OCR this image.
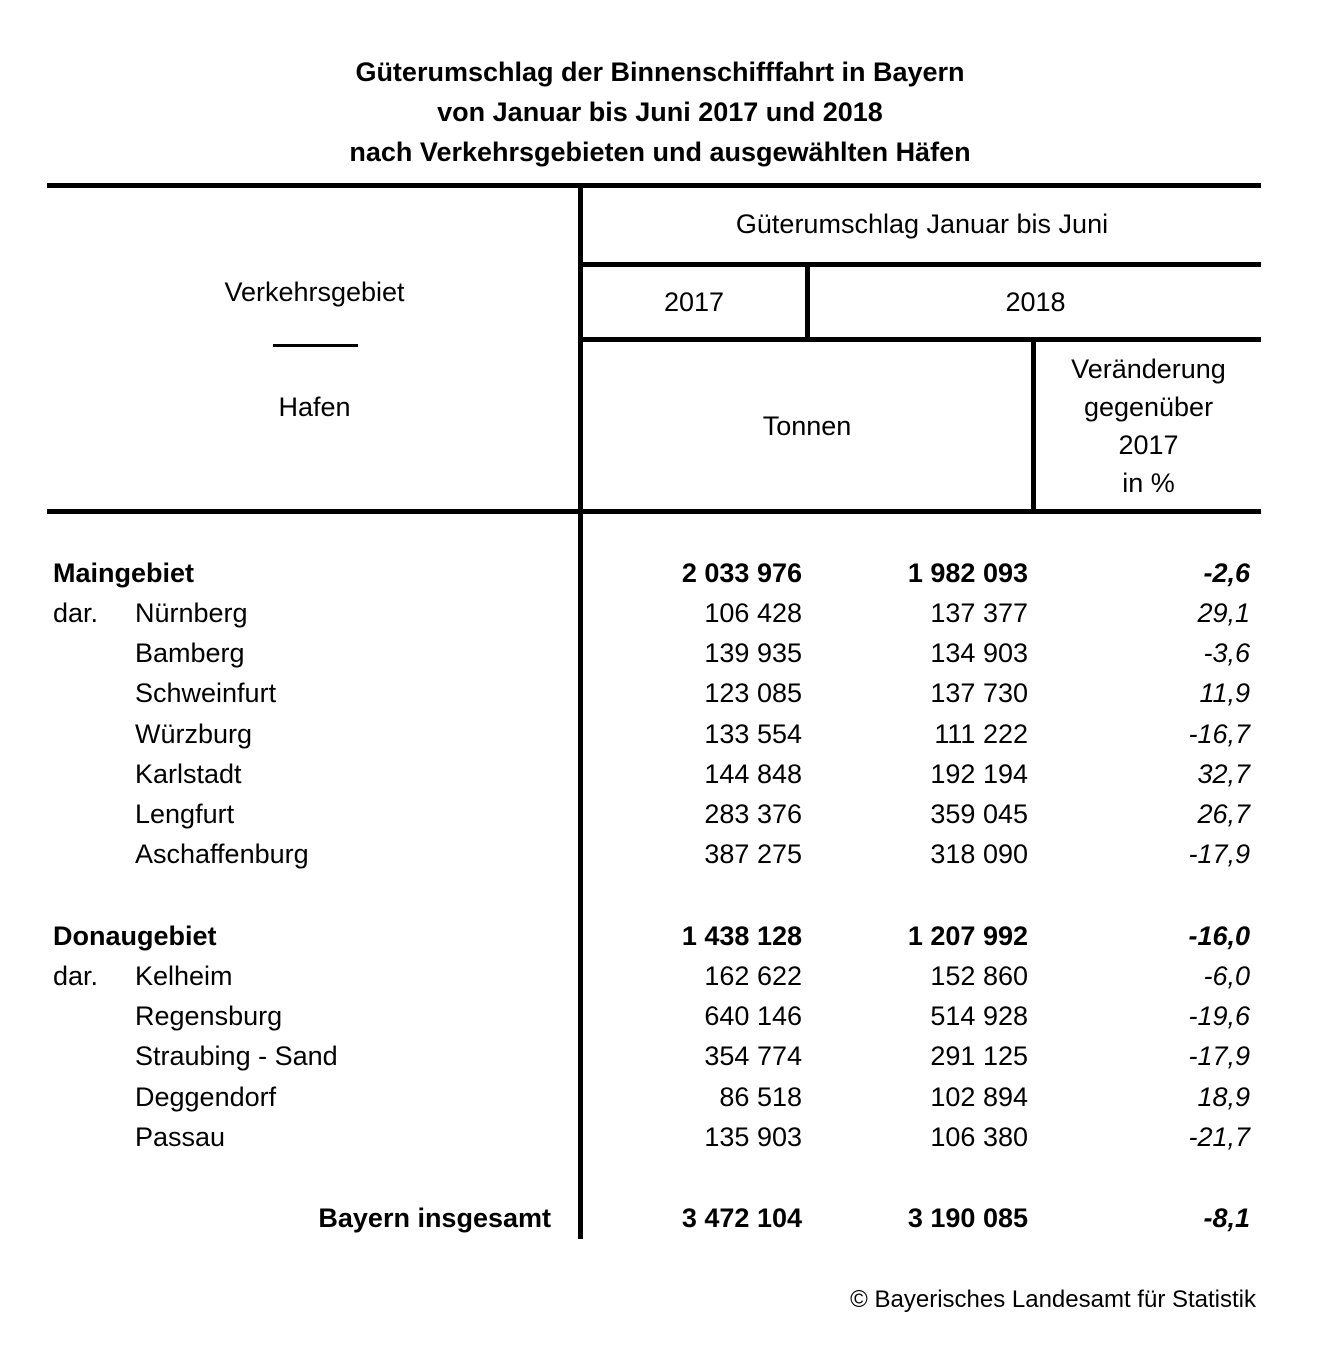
Güterumschlag der Binnenschifffahrt in Bayern
von Januar bis Juni 2017 und 2018
nach Verkehrsgebieten und ausgewählten Häfen
Verkehrsgebiet
Hafen
Güterumschlag Januar bis Juni
2017	2018
Tonnen
Veränderung
gegenüber
2017
in %
Maingebiet	2 033 976	1 982 093	-2,6
dar. Nürnberg	106 428	137 377	29,1
Bamberg	139 935	134 903	-3,6
Schweinfurt	123 085	137 730	11,9
Würzburg	133 554	111 222	-16,7
Karlstadt	144 848	192 194	32,7
Lengfurt	283 376	359 045	26,7
Aschaffenburg	387 275	318 090	-17,9
Donaugebiet	1 438 128	1 207 992	-16,0
dar. Kelheim	162 622	152 860	-6,0
Regensburg	640 146	514 928	-19,6
Straubing - Sand	354 774	291 125	-17,9
Deggendorf	86 518	102 894	18,9
Passau	135 903	106 380	-21,7
Bayern insgesamt	3 472 104	3 190 085	-8,1
© Bayerisches Landesamt für Statistik
